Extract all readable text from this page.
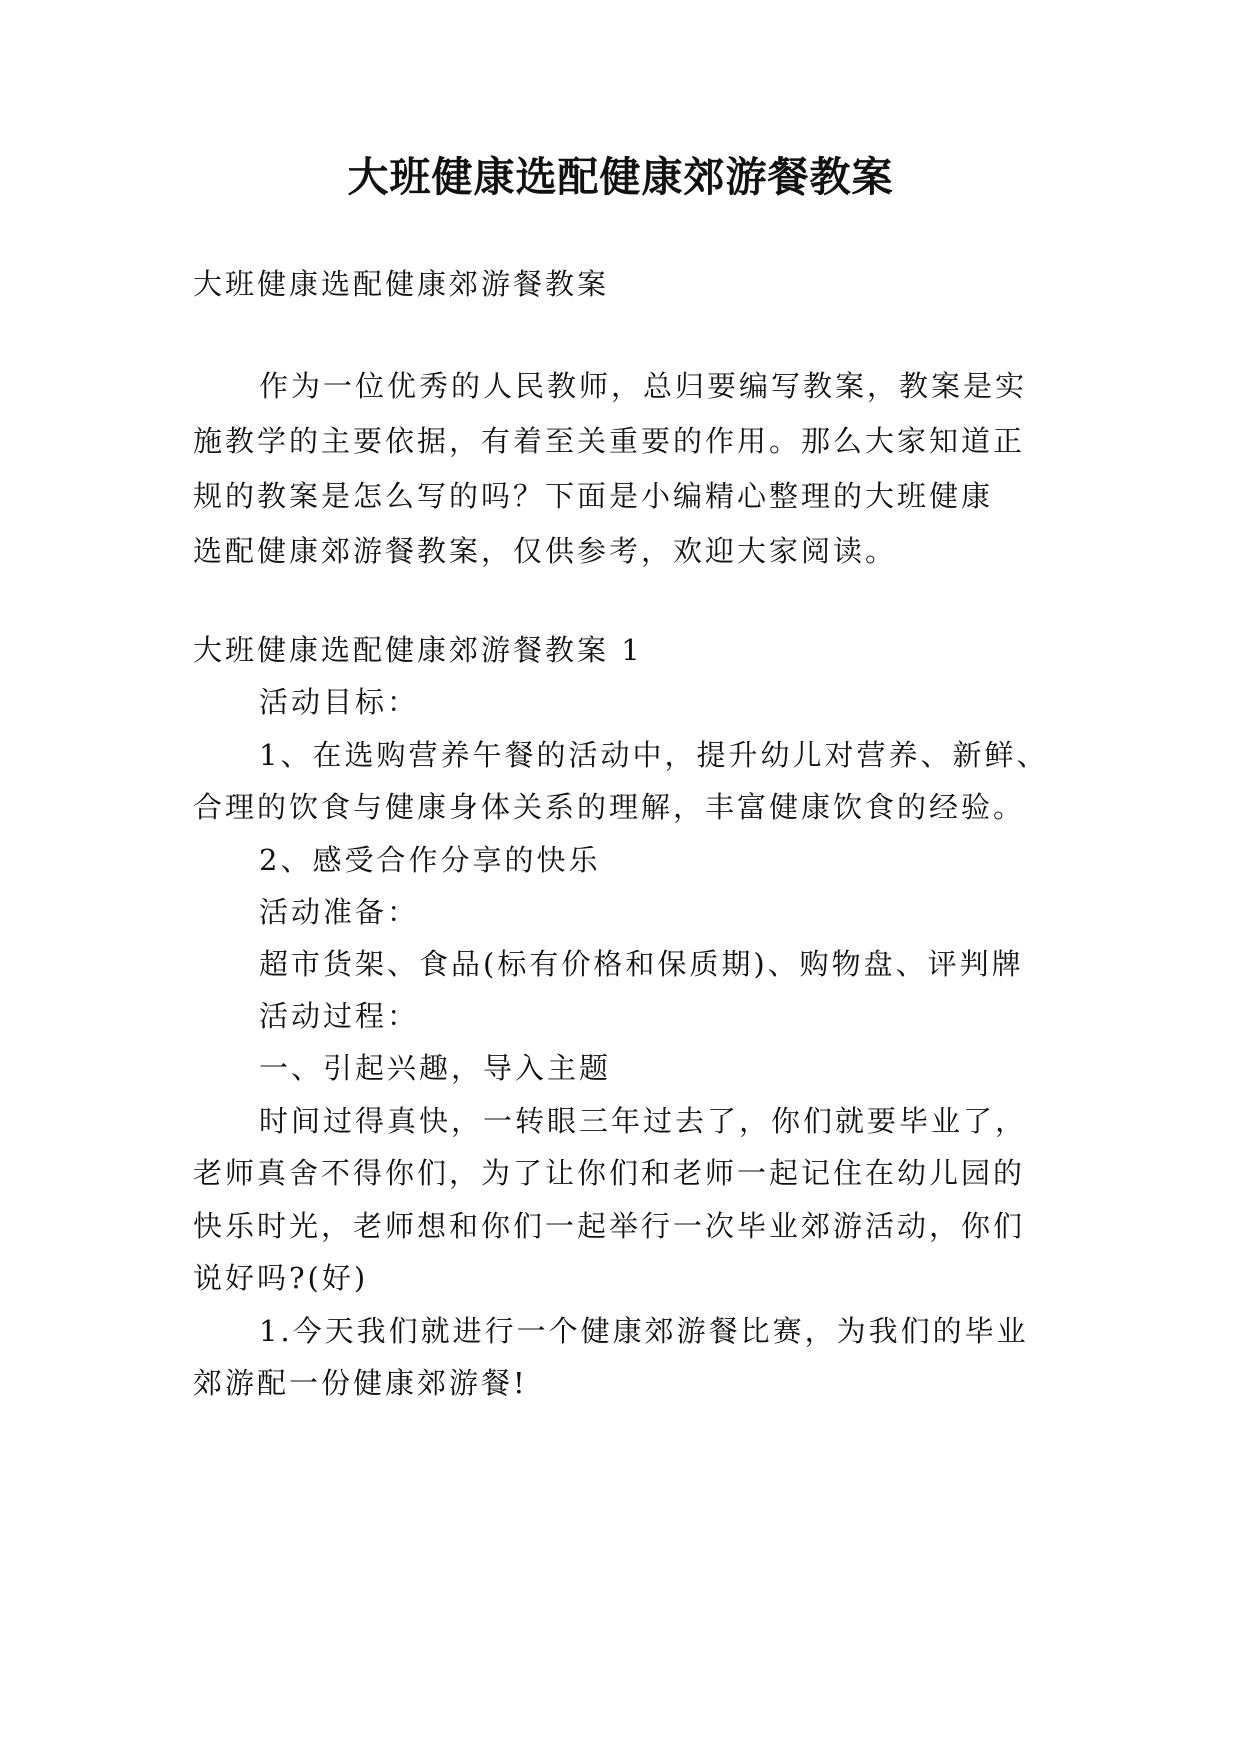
大班健康选配健康郊游餐教案

大班健康选配健康郊游餐教案

作为一位优秀的人民教师，总归要编写教案，教案是实

施教学的主要依据，有着至关重要的作用。那么大家知道正

规的教案是怎么写的吗？下面是小编精心整理的大班健康

选配健康郊游餐教案，仅供参考，欢迎大家阅读。

大班健康选配健康郊游餐教案 1

活动目标：

1、在选购营养午餐的活动中，提升幼儿对营养、新鲜、

合理的饮食与健康身体关系的理解，丰富健康饮食的经验。

2、感受合作分享的快乐

活动准备：

超市货架、食品(标有价格和保质期)、购物盘、评判牌

活动过程：

一、引起兴趣，导入主题

时间过得真快，一转眼三年过去了，你们就要毕业了，

老师真舍不得你们，为了让你们和老师一起记住在幼儿园的

快乐时光，老师想和你们一起举行一次毕业郊游活动，你们

说好吗?(好)

1.今天我们就进行一个健康郊游餐比赛，为我们的毕业

郊游配一份健康郊游餐!
